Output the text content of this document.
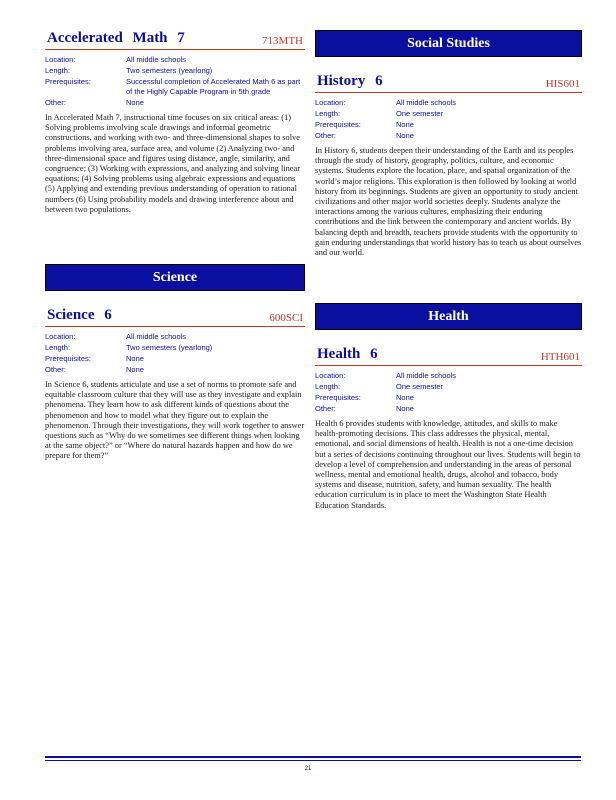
Accelerated Math 7	713MTH
Location:	All middle schools
Length:	Two semesters (yearlong)
Prerequisites:	Successful completion of Accelerated Math 6 as part of the Highly Capable Program in 5th grade
Other:	None

In Accelerated Math 7, instructional time focuses on six critical areas: (1) Solving problems involving scale drawings and informal geometric constructions, and working with two- and three-dimensional shapes to solve problems involving area, surface area, and volume (2) Analyzing two- and three-dimensional space and figures using distance, angle, similarity, and congruence; (3) Working with expressions, and analyzing and solving linear equations; (4) Solving problems using algebraic expressions and equations (5) Applying and extending previous understanding of operation to rational numbers (6) Using probability models and drawing interference about and between two populations.

Science
Science 6	600SCI
Location:	All middle schools
Length:	Two semesters (yearlong)
Prerequisites:	None
Other:	None

In Science 6, students articulate and use a set of norms to promote safe and equitable classroom culture that they will use as they investigate and explain phenomena. They learn how to ask different kinds of questions about the phenomenon and how to model what they figure out to explain the phenomenon. Through their investigations, they will work together to answer questions such as “Why do we sometimes see different things when looking at the same object?” or “Where do natural hazards happen and how do we prepare for them?”

Social Studies
History 6	HIS601
Location:	All middle schools
Length:	One semester
Prerequisites:	None
Other:	None

In History 6, students deepen their understanding of the Earth and its peoples through the study of history, geography, politics, culture, and economic systems. Students explore the location, place, and spatial organization of the world’s major religions. This exploration is then followed by looking at world history from its beginnings. Students are given an opportunity to study ancient civilizations and other major world societies deeply. Students analyze the interactions among the various cultures, emphasizing their enduring contributions and the link between the contemporary and ancient worlds. By balancing depth and breadth, teachers provide students with the opportunity to gain enduring understandings that world history has to teach us about ourselves and our world.

Health
Health 6	HTH601
Location:	All middle schools
Length:	One semester
Prerequisites:	None
Other:	None

Health 6 provides students with knowledge, attitudes, and skills to make health-promoting decisions. This class addresses the physical, mental, emotional, and social dimensions of health. Health is not a one-time decision but a series of decisions continuing throughout our lives. Students will begin to develop a level of comprehension and understanding in the areas of personal wellness, mental and emotional health, drugs, alcohol and tobacco, body systems and disease, nutrition, safety, and human sexuality. The health education curriculum is in place to meet the Washington State Health Education Standards.

21
